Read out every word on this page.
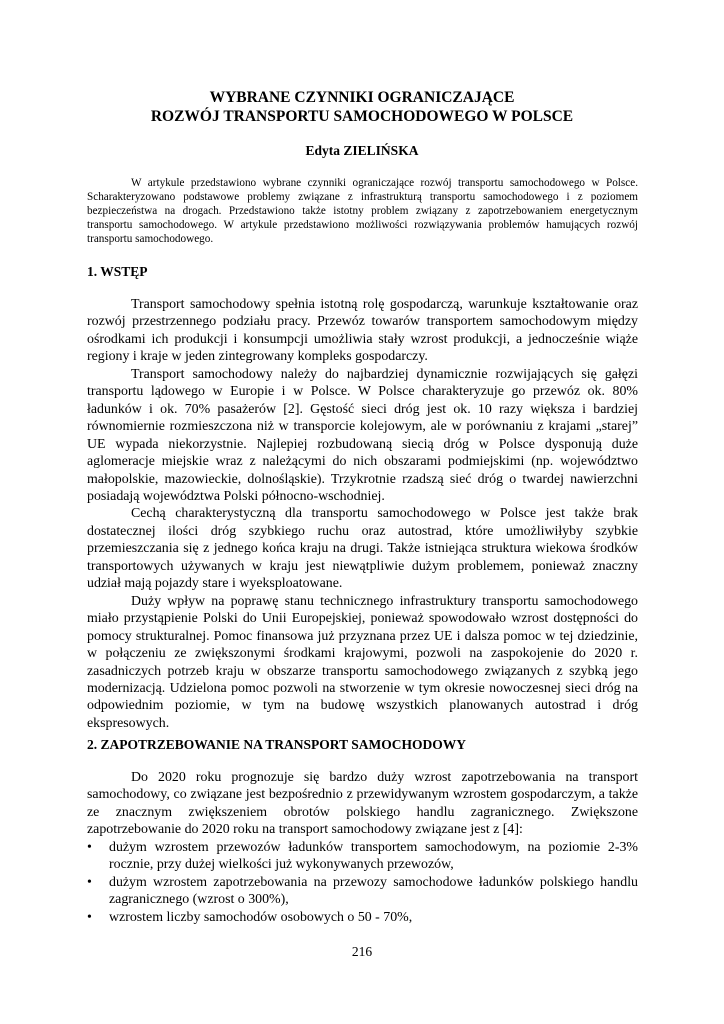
WYBRANE CZYNNIKI OGRANICZAJĄCE
ROZWÓJ TRANSPORTU SAMOCHODOWEGO W POLSCE
Edyta ZIELIŃSKA

W artykule przedstawiono wybrane czynniki ograniczające rozwój transportu samochodowego w Polsce. Scharakteryzowano podstawowe problemy związane z infrastrukturą transportu samochodowego i z poziomem bezpieczeństwa na drogach. Przedstawiono także istotny problem związany z zapotrzebowaniem energetycznym transportu samochodowego. W artykule przedstawiono możliwości rozwiązywania problemów hamujących rozwój transportu samochodowego.

1. WSTĘP

Transport samochodowy spełnia istotną rolę gospodarczą, warunkuje kształtowanie oraz rozwój przestrzennego podziału pracy. Przewóz towarów transportem samochodowym między ośrodkami ich produkcji i konsumpcji umożliwia stały wzrost produkcji, a jednocześnie wiąże regiony i kraje w jeden zintegrowany kompleks gospodarczy.

Transport samochodowy należy do najbardziej dynamicznie rozwijających się gałęzi transportu lądowego w Europie i w Polsce. W Polsce charakteryzuje go przewóz ok. 80% ładunków i ok. 70% pasażerów [2]. Gęstość sieci dróg jest ok. 10 razy większa i bardziej równomiernie rozmieszczona niż w transporcie kolejowym, ale w porównaniu z krajami „starej” UE wypada niekorzystnie. Najlepiej rozbudowaną siecią dróg w Polsce dysponują duże aglomeracje miejskie wraz z należącymi do nich obszarami podmiejskimi (np. województwo małopolskie, mazowieckie, dolnośląskie). Trzykrotnie rzadszą sieć dróg o twardej nawierzchni posiadają województwa Polski północno-wschodniej.

Cechą charakterystyczną dla transportu samochodowego w Polsce jest także brak dostatecznej ilości dróg szybkiego ruchu oraz autostrad, które umożliwiłyby szybkie przemieszczania się z jednego końca kraju na drugi. Także istniejąca struktura wiekowa środków transportowych używanych w kraju jest niewątpliwie dużym problemem, ponieważ znaczny udział mają pojazdy stare i wyeksploatowane.

Duży wpływ na poprawę stanu technicznego infrastruktury transportu samochodowego miało przystąpienie Polski do Unii Europejskiej, ponieważ spowodowało wzrost dostępności do pomocy strukturalnej. Pomoc finansowa już przyznana przez UE i dalsza pomoc w tej dziedzinie, w połączeniu ze zwiększonymi środkami krajowymi, pozwoli na zaspokojenie do 2020 r. zasadniczych potrzeb kraju w obszarze transportu samochodowego związanych z szybką jego modernizacją. Udzielona pomoc pozwoli na stworzenie w tym okresie nowoczesnej sieci dróg na odpowiednim poziomie, w tym na budowę wszystkich planowanych autostrad i dróg ekspresowych.

2. ZAPOTRZEBOWANIE NA TRANSPORT SAMOCHODOWY

Do 2020 roku prognozuje się bardzo duży wzrost zapotrzebowania na transport samochodowy, co związane jest bezpośrednio z przewidywanym wzrostem gospodarczym, a także ze znacznym zwiększeniem obrotów polskiego handlu zagranicznego. Zwiększone zapotrzebowanie do 2020 roku na transport samochodowy związane jest z [4]:

• dużym wzrostem przewozów ładunków transportem samochodowym, na poziomie 2-3% rocznie, przy dużej wielkości już wykonywanych przewozów,
• dużym wzrostem zapotrzebowania na przewozy samochodowe ładunków polskiego handlu zagranicznego (wzrost o 300%),
• wzrostem liczby samochodów osobowych o 50 - 70%,
216
